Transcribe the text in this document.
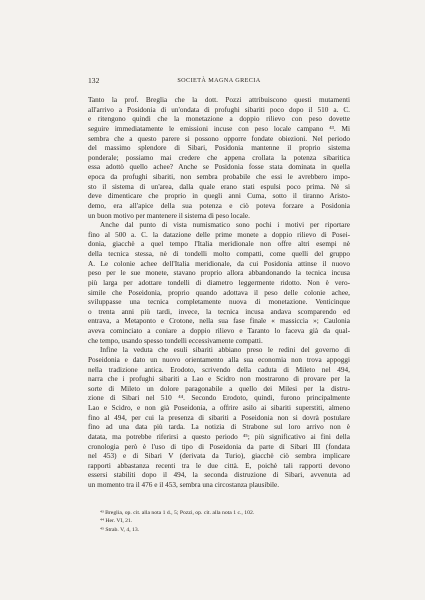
132	SOCIETÀ MAGNA GRECIA

Tanto la prof. Breglia che la dott. Pozzi attribuiscono questi mutamenti
all'arrivo a Posidonia di un'ondata di profughi sibariti poco dopo il 510 a. C.
e ritengono quindi che la monetazione a doppio rilievo con peso dovette
seguire immediatamente le emissioni incuse con peso locale campano ⁴³. Mi
sembra che a questo parere si possono opporre fondate obiezioni. Nel periodo
del massimo splendore di Sibari, Posidonia mantenne il proprio sistema
ponderale; possiamo mai credere che appena crollata la potenza sibaritica
essa adottò quello achee? Anche se Posidonia fosse stata dominata in quella
epoca da profughi sibariti, non sembra probabile che essi le avrebbero impo-
sto il sistema di un'area, dalla quale erano stati espulsi poco prima. Nè si
deve dimenticare che proprio in quegli anni Cuma, sotto il tiranno Aristo-
demo, era all'apice della sua potenza e ciò poteva forzare a Posidonia
un buon motivo per mantenere il sistema di peso locale.

Anche dal punto di vista numismatico sono pochi i motivi per riportare
fino al 500 a. C. la datazione delle prime monete a doppio rilievo di Posei-
donia, giacchè a quel tempo l'Italia meridionale non offre altri esempi nè
della tecnica stessa, nè di tondelli molto compatti, come quelli del gruppo
A. Le colonie achee dell'Italia meridionale, da cui Posidonia attinse il nuovo
peso per le sue monete, stavano proprio allora abbandonando la tecnica incusa
più larga per adottare tondelli di diametro leggermente ridotto. Non è vero-
simile che Poseidonia, proprio quando adottava il peso delle colonie achee,
sviluppasse una tecnica completamente nuova di monetazione. Venticinque
o trenta anni più tardi, invece, la tecnica incusa andava scomparendo ed
entrava, a Metaponto e Crotone, nella sua fase finale « massiccia »; Caulonia
aveva cominciato a coniare a doppio rilievo e Taranto lo faceva già da qual-
che tempo, usando spesso tondelli eccessivamente compatti.

Infine la veduta che esuli sibariti abbiano preso le redini del governo di
Poseidonia e dato un nuovo orientamento alla sua economia non trova appoggi
nella tradizione antica. Erodoto, scrivendo della caduta di Mileto nel 494,
narra che i profughi sibariti a Lao e Scidro non mostrarono di provare per la
sorte di Mileto un dolore paragonabile a quello dei Milesi per la distru-
zione di Sibari nel 510 ⁴⁴. Secondo Erodoto, quindi, furono principalmente
Lao e Scidro, e non già Poseidonia, a offrire asilo ai sibariti superstiti, almeno
fino al 494, per cui la presenza di sibariti a Poseidonia non si dovrà postulare
fino ad una data più tarda. La notizia di Strabone sul loro arrivo non è
datata, ma potrebbe riferirsi a questo periodo ⁴⁵; più significativo ai fini della
cronologia però è l'uso di tipo di Poseidonia da parte di Sibari III (fondata
nel 453) e di Sibari V (derivata da Turio), giacchè ciò sembra implicare
rapporti abbastanza recenti tra le due città. E, poichè tali rapporti devono
essersi stabiliti dopo il 494, la seconda distruzione di Sibari, avvenuta ad
un momento tra il 476 e il 453, sembra una circostanza plausibile.

⁴³ Breglia, op. cit. alla nota 1 d., 5; Pozzi, op. cit. alla nota 1 c., 102.
⁴⁴ Her. VI, 21.
⁴⁵ Strab. V, 4, 13.
